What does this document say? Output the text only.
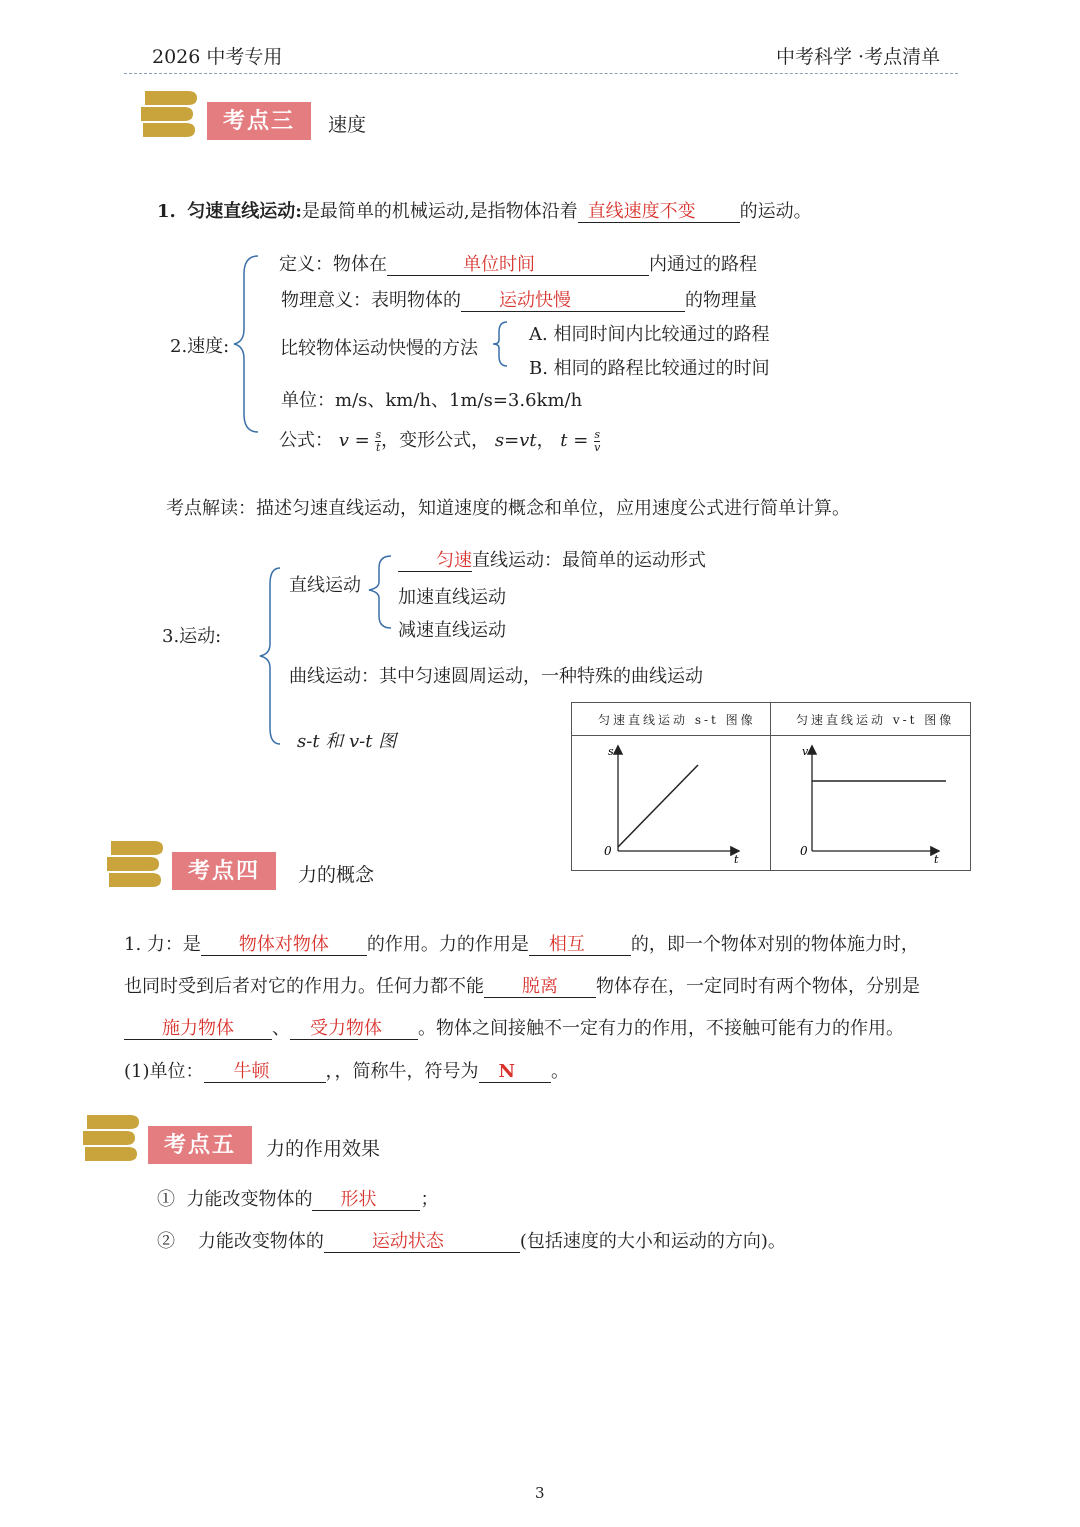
2026 中考专用	中考科学 ·考点清单
考点三	速度
1. 匀速直线运动:是最简单的机械运动,是指物体沿着 直线速度不变 的运动。
2.速度:
定义：物体在	单位时间	内通过的路程
物理意义：表明物体的 运动快慢	的物理量
比较物体运动快慢的方法
A. 相同时间内比较通过的路程
B. 相同的路程比较通过的时间
单位：m/s、km/h、1m/s=3.6km/h
公式： $v = \frac{s}{t}$ ，变形公式， s=vt， $t = \frac{s}{v}$
考点解读：描述匀速直线运动，知道速度的概念和单位，应用速度公式进行简单计算。
3.运动:
直线运动
匀速直线运动：最简单的运动形式
加速直线运动
减速直线运动
曲线运动：其中匀速圆周运动，一种特殊的曲线运动
s-t 和 v-t 图
匀速直线运动 s-t 图像	匀速直线运动 v-t 图像
s
t
0
v
t
0
考点四	力的概念
1. 力：是 物体对物体 的作用。力的作用是 相互	的，即一个物体对别的物体施力时，
也同时受到后者对它的作用力。任何力都不能 脱离 物体存在，一定同时有两个物体，分别是
施力物体 、 受力物体 。物体之间接触不一定有力的作用，不接触可能有力的作用。
(1)单位： 牛顿	，，简称牛，符号为 N 。
考点五	力的作用效果
① 力能改变物体的 形状 ；
② 力能改变物体的	运动状态	(包括速度的大小和运动的方向)。
3
